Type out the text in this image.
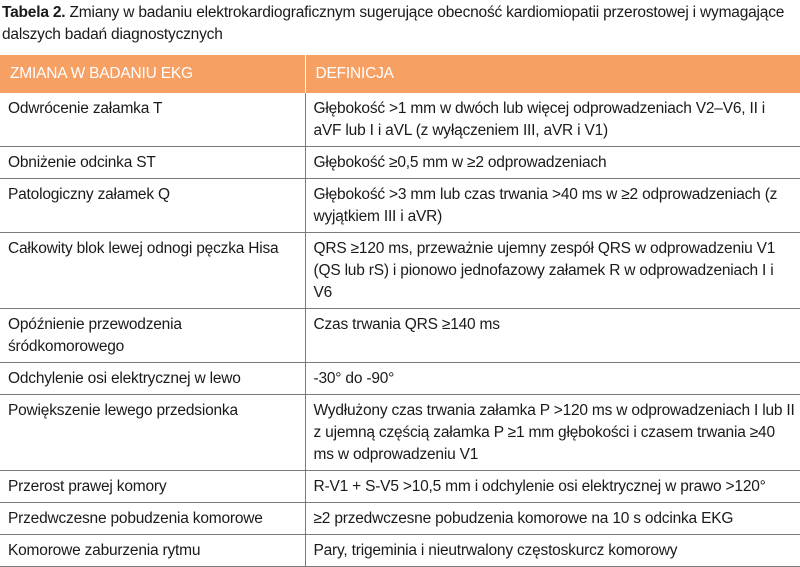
Tabela 2. Zmiany w badaniu elektrokardiograficznym sugerujące obecność kardiomiopatii przerostowej i wymagające dalszych badań diagnostycznych
ZMIANA W BADANIU EKG	DEFINICJA
Odwrócenie załamka T	Głębokość >1 mm w dwóch lub więcej odprowadzeniach V2–V6, II i aVF lub I i aVL (z wyłączeniem III, aVR i V1)
Obniżenie odcinka ST	Głębokość ≥0,5 mm w ≥2 odprowadzeniach
Patologiczny załamek Q	Głębokość >3 mm lub czas trwania >40 ms w ≥2 odprowadzeniach (z wyjątkiem III i aVR)
Całkowity blok lewej odnogi pęczka Hisa	QRS ≥120 ms, przeważnie ujemny zespół QRS w odprowadzeniu V1 (QS lub rS) i pionowo jednofazowy załamek R w odprowadzeniach I i V6
Opóźnienie przewodzenia śródkomorowego	Czas trwania QRS ≥140 ms
Odchylenie osi elektrycznej w lewo	-30° do -90°
Powiększenie lewego przedsionka	Wydłużony czas trwania załamka P >120 ms w odprowadzeniach I lub II z ujemną częścią załamka P ≥1 mm głębokości i czasem trwania ≥40 ms w odprowadzeniu V1
Przerost prawej komory	R-V1 + S-V5 >10,5 mm i odchylenie osi elektrycznej w prawo >120°
Przedwczesne pobudzenia komorowe	≥2 przedwczesne pobudzenia komorowe na 10 s odcinka EKG
Komorowe zaburzenia rytmu	Pary, trigeminia i nieutrwalony częstoskurcz komorowy
